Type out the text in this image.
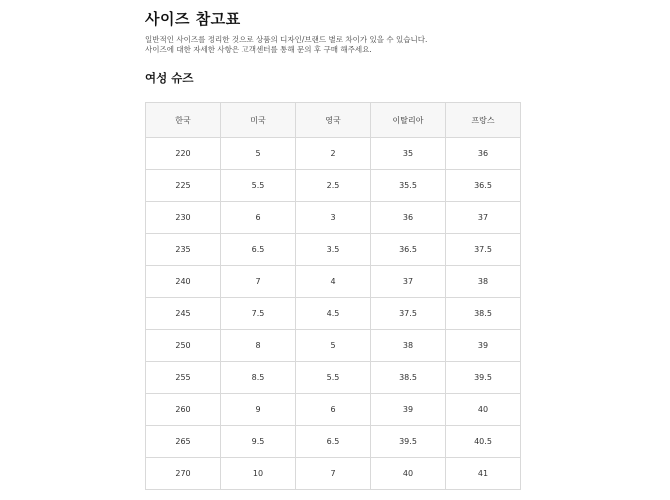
사이즈 참고표
일반적인 사이즈를 정리한 것으로 상품의 디자인/브랜드 별로 차이가 있을 수 있습니다.
사이즈에 대한 자세한 사항은 고객센터를 통해 문의 후 구매 해주세요.
여성 슈즈
한국	미국	영국	이탈리아	프랑스
220	5	2	35	36
225	5.5	2.5	35.5	36.5
230	6	3	36	37
235	6.5	3.5	36.5	37.5
240	7	4	37	38
245	7.5	4.5	37.5	38.5
250	8	5	38	39
255	8.5	5.5	38.5	39.5
260	9	6	39	40
265	9.5	6.5	39.5	40.5
270	10	7	40	41
